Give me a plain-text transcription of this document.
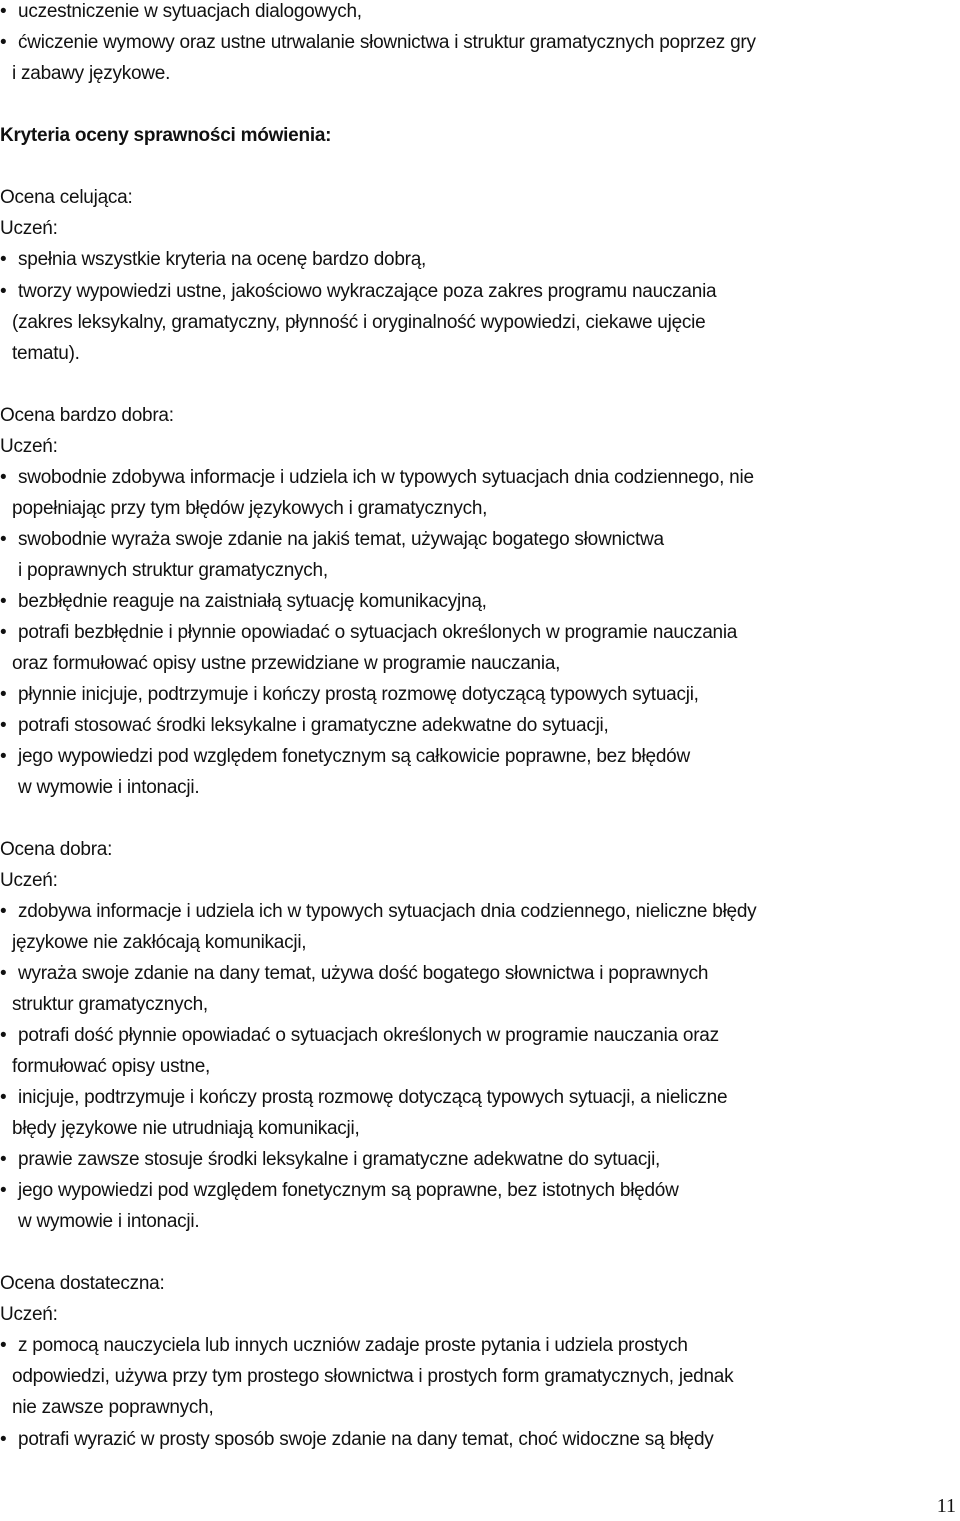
• uczestniczenie w sytuacjach dialogowych,
• ćwiczenie wymowy oraz ustne utrwalanie słownictwa i struktur gramatycznych poprzez gry
i zabawy językowe.
Kryteria oceny sprawności mówienia:
Ocena celująca:
Uczeń:
• spełnia wszystkie kryteria na ocenę bardzo dobrą,
• tworzy wypowiedzi ustne, jakościowo wykraczające poza zakres programu nauczania
(zakres leksykalny, gramatyczny, płynność i oryginalność wypowiedzi, ciekawe ujęcie
tematu).
Ocena bardzo dobra:
Uczeń:
• swobodnie zdobywa informacje i udziela ich w typowych sytuacjach dnia codziennego, nie
popełniając przy tym błędów językowych i gramatycznych,
• swobodnie wyraża swoje zdanie na jakiś temat, używając bogatego słownictwa
i poprawnych struktur gramatycznych,
• bezbłędnie reaguje na zaistniałą sytuację komunikacyjną,
• potrafi bezbłędnie i płynnie opowiadać o sytuacjach określonych w programie nauczania
oraz formułować opisy ustne przewidziane w programie nauczania,
• płynnie inicjuje, podtrzymuje i kończy prostą rozmowę dotyczącą typowych sytuacji,
• potrafi stosować środki leksykalne i gramatyczne adekwatne do sytuacji,
• jego wypowiedzi pod względem fonetycznym są całkowicie poprawne, bez błędów
w wymowie i intonacji.
Ocena dobra:
Uczeń:
• zdobywa informacje i udziela ich w typowych sytuacjach dnia codziennego, nieliczne błędy
językowe nie zakłócają komunikacji,
• wyraża swoje zdanie na dany temat, używa dość bogatego słownictwa i poprawnych
struktur gramatycznych,
• potrafi dość płynnie opowiadać o sytuacjach określonych w programie nauczania oraz
formułować opisy ustne,
• inicjuje, podtrzymuje i kończy prostą rozmowę dotyczącą typowych sytuacji, a nieliczne
błędy językowe nie utrudniają komunikacji,
• prawie zawsze stosuje środki leksykalne i gramatyczne adekwatne do sytuacji,
• jego wypowiedzi pod względem fonetycznym są poprawne, bez istotnych błędów
w wymowie i intonacji.
Ocena dostateczna:
Uczeń:
• z pomocą nauczyciela lub innych uczniów zadaje proste pytania i udziela prostych
odpowiedzi, używa przy tym prostego słownictwa i prostych form gramatycznych, jednak
nie zawsze poprawnych,
• potrafi wyrazić w prosty sposób swoje zdanie na dany temat, choć widoczne są błędy
11
